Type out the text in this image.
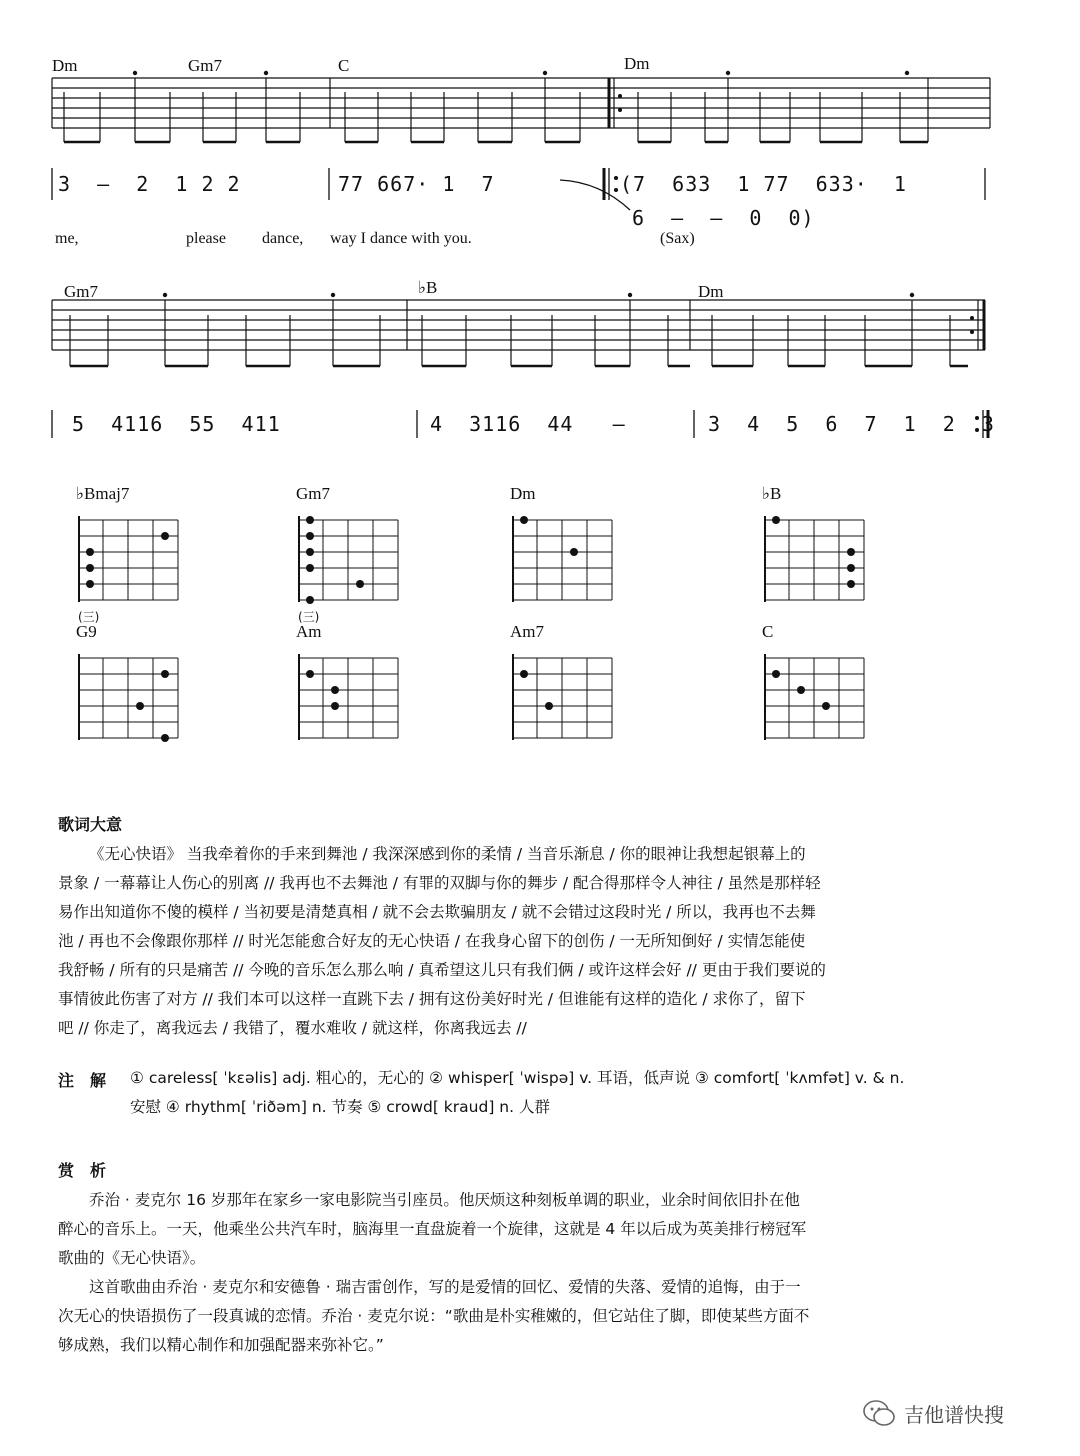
Dm	Gm7	C	Dm
3  –  2  1 2 2	77 667· 1  7	(7  633  1 77  633·  1
6  –  –  0  0)
me,	please dance, way I dance with you.	(Sax)
Gm7	♭B	Dm
5  4116  55  411	4  3116  44   –	3  4  5  6  7  1  2  3
♭Bmaj7
(三)
Gm7
(三)
Dm	♭B
G9	Am	Am7	C
歌词大意
《无心快语》 当我牵着你的手来到舞池 / 我深深感到你的柔情 / 当音乐渐息 / 你的眼神让我想起银幕上的
景象 / 一幕幕让人伤心的别离 // 我再也不去舞池 / 有罪的双脚与你的舞步 / 配合得那样令人神往 / 虽然是那样轻
易作出知道你不傻的模样 / 当初要是清楚真相 / 就不会去欺骗朋友 / 就不会错过这段时光 / 所以，我再也不去舞
池 / 再也不会像跟你那样 // 时光怎能愈合好友的无心快语 / 在我身心留下的创伤 / 一无所知倒好 / 实情怎能使
我舒畅 / 所有的只是痛苦 // 今晚的音乐怎么那么响 / 真希望这儿只有我们俩 / 或许这样会好 // 更由于我们要说的
事情彼此伤害了对方 // 我们本可以这样一直跳下去 / 拥有这份美好时光 / 但谁能有这样的造化 / 求你了，留下
吧 // 你走了，离我远去 / 我错了，覆水难收 / 就这样，你离我远去 //
注　解 ① careless[ ˈkɛəlis] adj. 粗心的，无心的 ② whisper[ ˈwispə] v. 耳语，低声说 ③ comfort[ ˈkʌmfət] v. & n.
安慰 ④ rhythm[ ˈriðəm] n. 节奏 ⑤ crowd[ kraud] n. 人群
赏　析
乔治 · 麦克尔 16 岁那年在家乡一家电影院当引座员。他厌烦这种刻板单调的职业，业余时间依旧扑在他
醉心的音乐上。一天，他乘坐公共汽车时，脑海里一直盘旋着一个旋律，这就是 4 年以后成为英美排行榜冠军
歌曲的《无心快语》。
这首歌曲由乔治 · 麦克尔和安德鲁 · 瑞吉雷创作，写的是爱情的回忆、爱情的失落、爱情的追悔，由于一
次无心的快语损伤了一段真诚的恋情。乔治 · 麦克尔说：“歌曲是朴实稚嫩的，但它站住了脚，即使某些方面不
够成熟，我们以精心制作和加强配器来弥补它。”
吉他谱快搜
